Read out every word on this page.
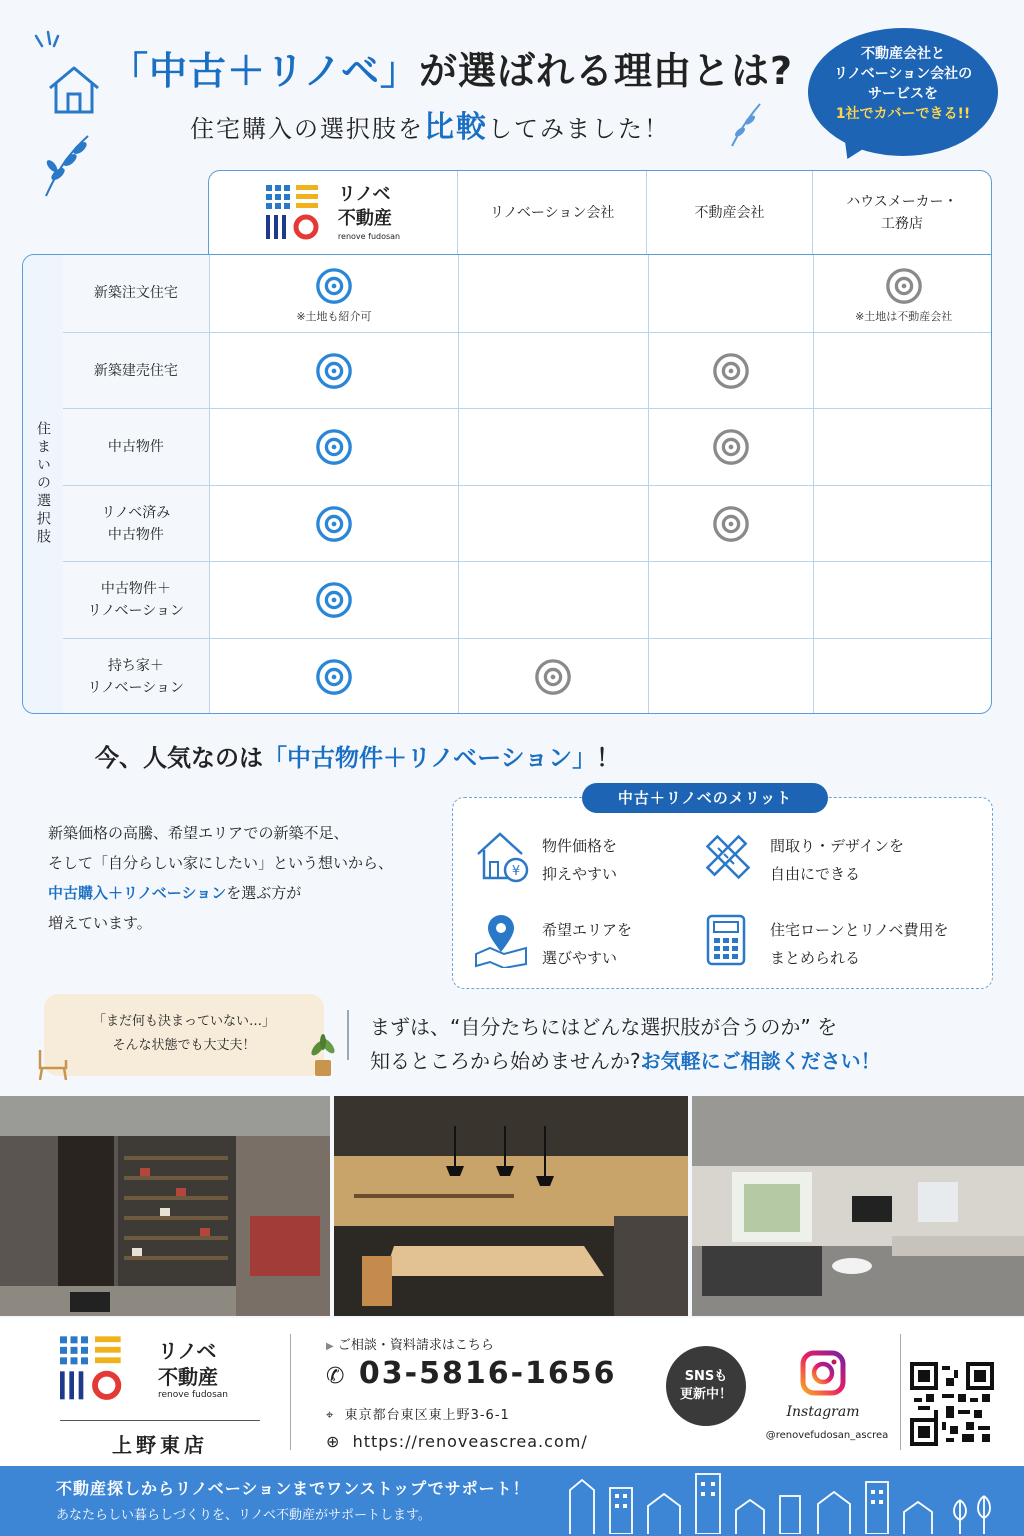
「中古＋リノベ」が選ばれる理由とは?
住宅購入の選択肢を比較してみました！
不動産会社と
リノベーション会社の
サービスを
1社でカバーできる!!
リノベ
不動産
renove fudosan
リノベーション会社	不動産会社
ハウスメーカー・
工務店
住まいの選択肢
新築注文住宅
※土地も紹介可	※土地は不動産会社
新築建売住宅
中古物件
リノベ済み
中古物件
中古物件＋
リノベーション
持ち家＋
リノベーション
今、人気なのは「中古物件＋リノベーション」！
新築価格の高騰、希望エリアでの新築不足、
そして「自分らしい家にしたい」という想いから、
中古購入＋リノベーションを選ぶ方が
増えています。
中古＋リノベのメリット
¥
物件価格を
抑えやすい
間取り・デザインを
自由にできる
希望エリアを
選びやすい
住宅ローンとリノベ費用を
まとめられる
「まだ何も決まっていない…」
そんな状態でも大丈夫！
まずは、“自分たちにはどんな選択肢が合うのか” を
知るところから始めませんか?お気軽にご相談ください！
リノベ
不動産
renove fudosan
上野東店
▶ ご相談・資料請求はこちら
✆ 03-5816-1656
⌖ 東京都台東区東上野3-6-1
⊕ https://renoveascrea.com/
SNSも
更新中！
Instagram
@renovefudosan_ascrea
不動産探しからリノベーションまでワンストップでサポート！
あなたらしい暮らしづくりを、リノベ不動産がサポートします。
